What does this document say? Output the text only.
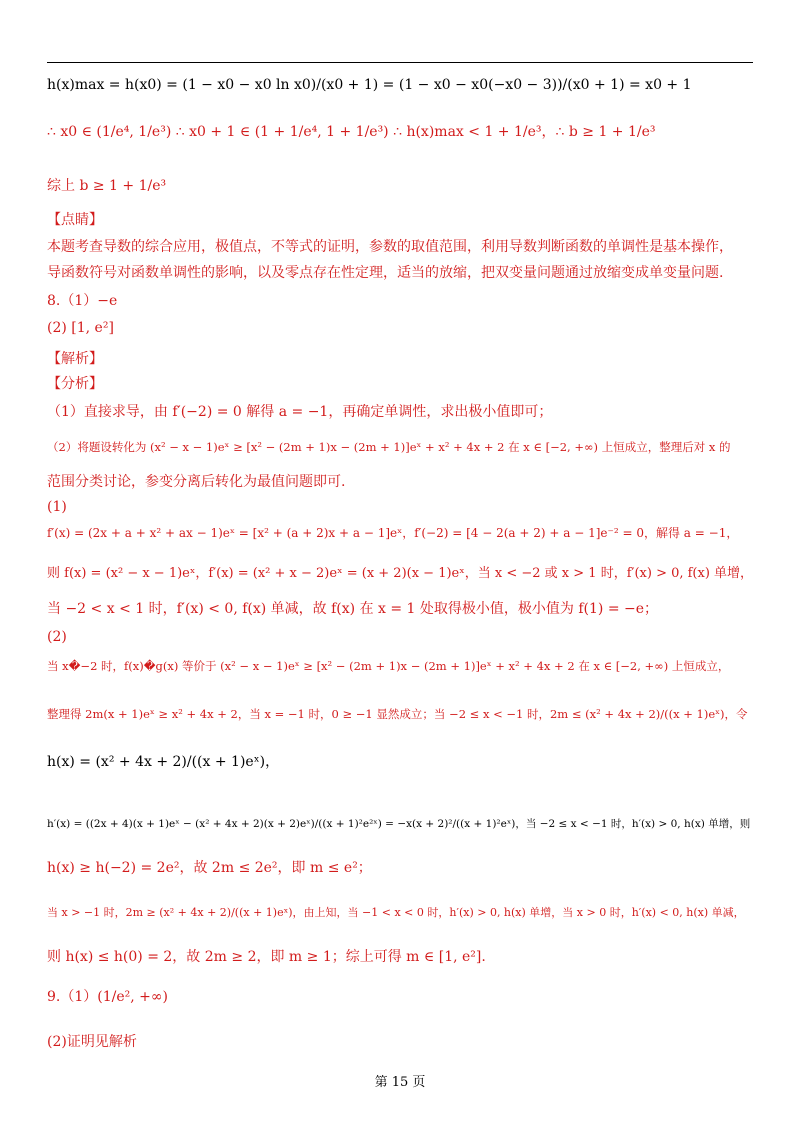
h(x)max = h(x0) = (1 − x0 − x0 ln x0)/(x0 + 1) = (1 − x0 − x0(−x0 − 3))/(x0 + 1) = x0 + 1
∴ x0 ∈ (1/e⁴, 1/e³) ∴ x0 + 1 ∈ (1 + 1/e⁴, 1 + 1/e³) ∴ h(x)max < 1 + 1/e³，∴ b ≥ 1 + 1/e³
综上 b ≥ 1 + 1/e³
【点睛】
本题考查导数的综合应用，极值点，不等式的证明，参数的取值范围，利用导数判断函数的单调性是基本操作，
导函数符号对函数单调性的影响，以及零点存在性定理，适当的放缩，把双变量问题通过放缩变成单变量问题.
8.（1）−e
(2) [1, e²]
【解析】
【分析】
（1）直接求导，由 f′(−2) = 0 解得 a = −1，再确定单调性，求出极小值即可；
（2）将题设转化为 (x² − x − 1)eˣ ≥ [x² − (2m + 1)x − (2m + 1)]eˣ + x² + 4x + 2 在 x ∈ [−2, +∞) 上恒成立，整理后对 x 的
范围分类讨论，参变分离后转化为最值问题即可.
(1)
f′(x) = (2x + a + x² + ax − 1)eˣ = [x² + (a + 2)x + a − 1]eˣ，f′(−2) = [4 − 2(a + 2) + a − 1]e⁻² = 0，解得 a = −1，
则 f(x) = (x² − x − 1)eˣ，f′(x) = (x² + x − 2)eˣ = (x + 2)(x − 1)eˣ，当 x < −2 或 x > 1 时，f′(x) > 0, f(x) 单增，
当 −2 < x < 1 时，f′(x) < 0, f(x) 单减，故 f(x) 在 x = 1 处取得极小值，极小值为 f(1) = −e；
(2)
当 x�−2 时，f(x)�g(x) 等价于 (x² − x − 1)eˣ ≥ [x² − (2m + 1)x − (2m + 1)]eˣ + x² + 4x + 2 在 x ∈ [−2, +∞) 上恒成立，
整理得 2m(x + 1)eˣ ≥ x² + 4x + 2，当 x = −1 时，0 ≥ −1 显然成立；当 −2 ≤ x < −1 时，2m ≤ (x² + 4x + 2)/((x + 1)eˣ)，令
h(x) = (x² + 4x + 2)/((x + 1)eˣ)，
h′(x) = ((2x + 4)(x + 1)eˣ − (x² + 4x + 2)(x + 2)eˣ)/((x + 1)²e²ˣ) = −x(x + 2)²/((x + 1)²eˣ)，当 −2 ≤ x < −1 时，h′(x) > 0, h(x) 单增，则
h(x) ≥ h(−2) = 2e²，故 2m ≤ 2e²，即 m ≤ e²；
当 x > −1 时，2m ≥ (x² + 4x + 2)/((x + 1)eˣ)，由上知，当 −1 < x < 0 时，h′(x) > 0, h(x) 单增，当 x > 0 时，h′(x) < 0, h(x) 单减，
则 h(x) ≤ h(0) = 2，故 2m ≥ 2，即 m ≥ 1；综上可得 m ∈ [1, e²].
9.（1）(1/e², +∞)
(2)证明见解析
第 15 页
